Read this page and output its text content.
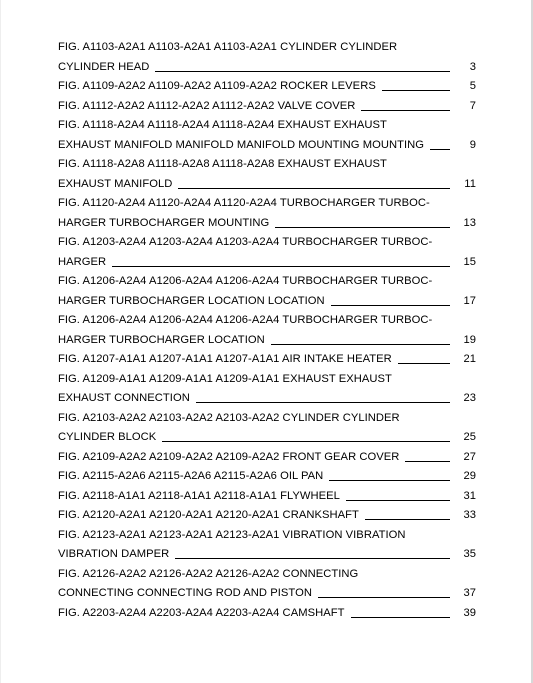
FIG. A1103-A2A1 A1103-A2A1 A1103-A2A1 CYLINDER CYLINDER
CYLINDER HEAD	3
FIG. A1109-A2A2 A1109-A2A2 A1109-A2A2 ROCKER LEVERS	5
FIG. A1112-A2A2 A1112-A2A2 A1112-A2A2 VALVE COVER	7
FIG. A1118-A2A4 A1118-A2A4 A1118-A2A4 EXHAUST EXHAUST
EXHAUST MANIFOLD MANIFOLD MANIFOLD MOUNTING MOUNTING	9
FIG. A1118-A2A8 A1118-A2A8 A1118-A2A8 EXHAUST EXHAUST
EXHAUST MANIFOLD	11
FIG. A1120-A2A4 A1120-A2A4 A1120-A2A4 TURBOCHARGER TURBOC-
HARGER TURBOCHARGER MOUNTING	13
FIG. A1203-A2A4 A1203-A2A4 A1203-A2A4 TURBOCHARGER TURBOC-
HARGER	15
FIG. A1206-A2A4 A1206-A2A4 A1206-A2A4 TURBOCHARGER TURBOC-
HARGER TURBOCHARGER LOCATION LOCATION	17
FIG. A1206-A2A4 A1206-A2A4 A1206-A2A4 TURBOCHARGER TURBOC-
HARGER TURBOCHARGER LOCATION	19
FIG. A1207-A1A1 A1207-A1A1 A1207-A1A1 AIR INTAKE HEATER	21
FIG. A1209-A1A1 A1209-A1A1 A1209-A1A1 EXHAUST EXHAUST
EXHAUST CONNECTION	23
FIG. A2103-A2A2 A2103-A2A2 A2103-A2A2 CYLINDER CYLINDER
CYLINDER BLOCK	25
FIG. A2109-A2A2 A2109-A2A2 A2109-A2A2 FRONT GEAR COVER	27
FIG. A2115-A2A6 A2115-A2A6 A2115-A2A6 OIL PAN	29
FIG. A2118-A1A1 A2118-A1A1 A2118-A1A1 FLYWHEEL	31
FIG. A2120-A2A1 A2120-A2A1 A2120-A2A1 CRANKSHAFT	33
FIG. A2123-A2A1 A2123-A2A1 A2123-A2A1 VIBRATION VIBRATION
VIBRATION DAMPER	35
FIG. A2126-A2A2 A2126-A2A2 A2126-A2A2 CONNECTING
CONNECTING CONNECTING ROD AND PISTON	37
FIG. A2203-A2A4 A2203-A2A4 A2203-A2A4 CAMSHAFT	39
